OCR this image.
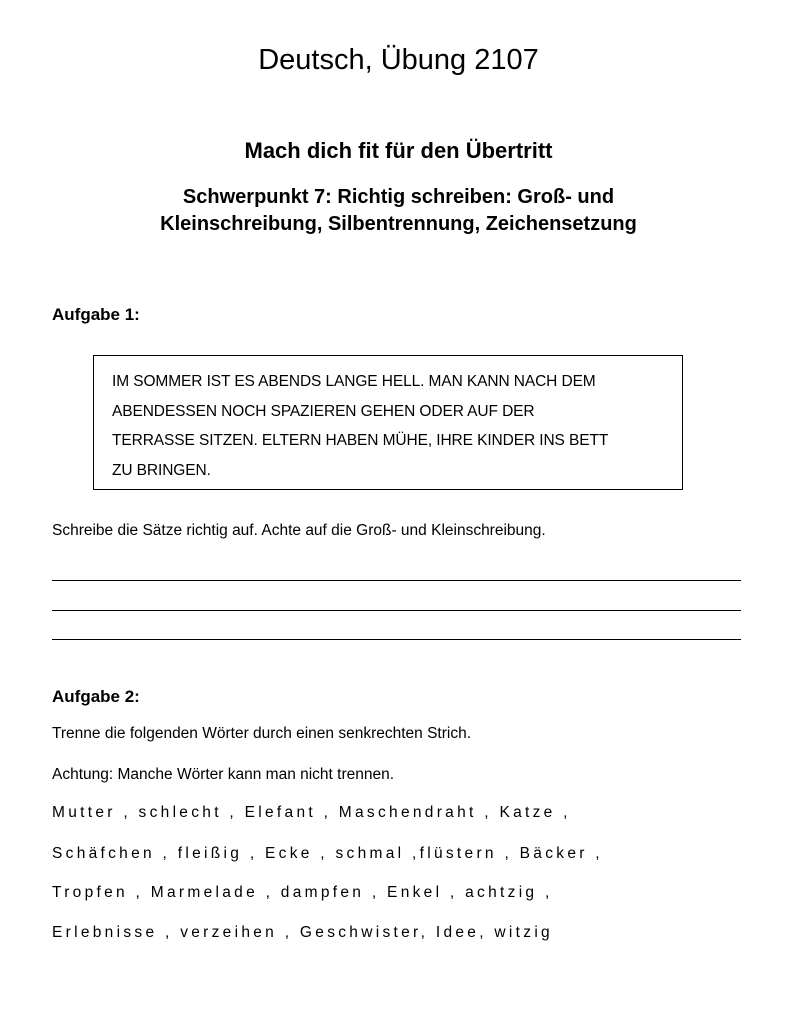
Deutsch, Übung 2107
Mach dich fit für den Übertritt
Schwerpunkt 7: Richtig schreiben: Groß- und
Kleinschreibung, Silbentrennung, Zeichensetzung
Aufgabe 1:
IM SOMMER IST ES ABENDS LANGE HELL. MAN KANN NACH DEM
ABENDESSEN NOCH SPAZIEREN GEHEN ODER AUF DER
TERRASSE SITZEN. ELTERN HABEN MÜHE, IHRE KINDER INS BETT
ZU BRINGEN.
Schreibe die Sätze richtig auf. Achte auf die Groß- und Kleinschreibung.
Aufgabe 2:
Trenne die folgenden Wörter durch einen senkrechten Strich.
Achtung: Manche Wörter kann man nicht trennen.
Mutter , schlecht , Elefant , Maschendraht , Katze ,
Schäfchen , fleißig , Ecke , schmal ,flüstern , Bäcker ,
Tropfen , Marmelade , dampfen , Enkel , achtzig ,
Erlebnisse , verzeihen , Geschwister, Idee, witzig
